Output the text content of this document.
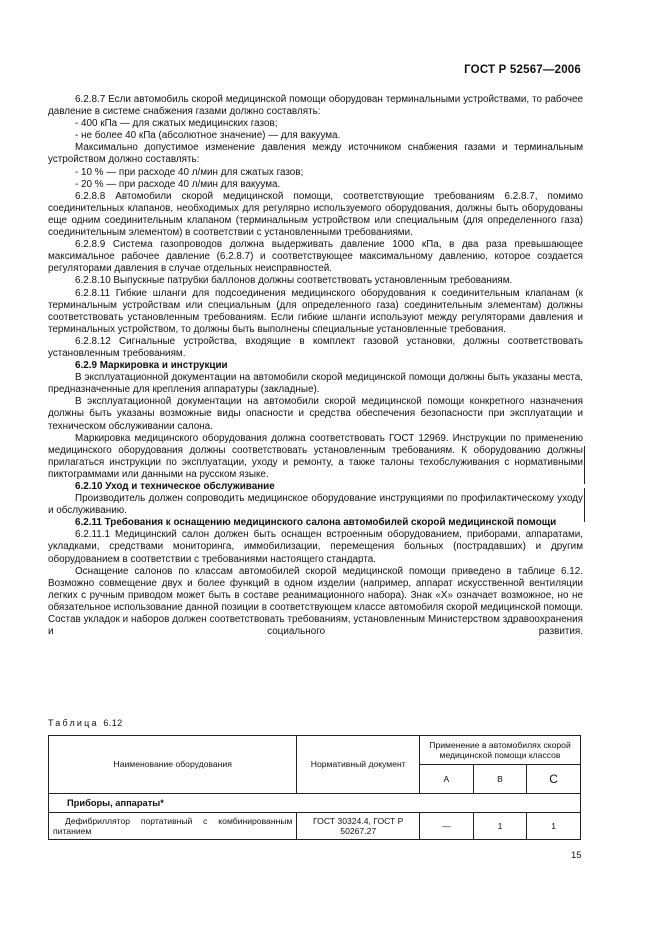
ГОСТ Р 52567—2006

6.2.8.7 Если автомобиль скорой медицинской помощи оборудован терминальными устройствами, то рабочее давление в системе снабжения газами должно составлять:

- 400 кПа — для сжатых медицинских газов;

- не более 40 кПа (абсолютное значение) — для вакуума.

Максимально допустимое изменение давления между источником снабжения газами и терминальным устройством должно составлять:

- 10 % — при расходе 40 л/мин для сжатых газов;

- 20 % — при расходе 40 л/мин для вакуума.

6.2.8.8 Автомобили скорой медицинской помощи, соответствующие требованиям 6.2.8.7, помимо соединительных клапанов, необходимых для регулярно используемого оборудования, должны быть оборудованы еще одним соединительным клапаном (терминальным устройством или специальным (для определенного газа) соединительным элементом) в соответствии с установленными требованиями.

6.2.8.9 Система газопроводов должна выдерживать давление 1000 кПа, в два раза превышающее максимальное рабочее давление (6.2.8.7) и соответствующее максимальному давлению, которое создается регуляторами давления в случае отдельных неисправностей.

6.2.8.10 Выпускные патрубки баллонов должны соответствовать установленным требованиям.

6.2.8.11 Гибкие шланги для подсоединения медицинского оборудования к соединительным клапанам (к терминальным устройствам или специальным (для определенного газа) соединительным элементам) должны соответствовать установленным требованиям. Если гибкие шланги используют между регуляторами давления и терминальных устройством, то должны быть выполнены специальные установленные требования.

6.2.8.12 Сигнальные устройства, входящие в комплект газовой установки, должны соответствовать установленным требованиям.

6.2.9 Маркировка и инструкции

В эксплуатационной документации на автомобили скорой медицинской помощи должны быть указаны места, предназначенные для крепления аппаратуры (закладные).

В эксплуатационной документации на автомобили скорой медицинской помощи конкретного назначения должны быть указаны возможные виды опасности и средства обеспечения безопасности при эксплуатации и техническом обслуживании салона.

Маркировка медицинского оборудования должна соответствовать ГОСТ 12969. Инструкции по применению медицинского оборудования должны соответствовать установленным требованиям. К оборудованию должны прилагаться инструкции по эксплуатации, уходу и ремонту, а также талоны техобслуживания с нормативными пиктограммами или данными на русском языке.

6.2.10 Уход и техническое обслуживание

Производитель должен сопроводить медицинское оборудование инструкциями по профилактическому уходу и обслуживанию.

6.2.11 Требования к оснащению медицинского салона автомобилей скорой медицинской помощи

6.2.11.1 Медицинский салон должен быть оснащен встроенным оборудованием, приборами, аппаратами, укладками, средствами мониторинга, иммобилизации, перемещения больных (пострадавших) и другим оборудованием в соответствии с требованиями настоящего стандарта.

Оснащение салонов по классам автомобилей скорой медицинской помощи приведено в таблице 6.12. Возможно совмещение двух и более функций в одном изделии (например, аппарат искусственной вентиляции легких с ручным приводом может быть в составе реанимационного набора). Знак «Х» означает возможное, но не обязательное использование данной позиции в соответствующем классе автомобиля скорой медицинской помощи. Состав укладок и наборов должен соответствовать требованиям, установленным Министерством здравоохранения и социального развития.

Таблица 6.12
Наименование оборудования	Нормативный документ	Применение в автомобилях скорой медицинской помощи классов		
		А	В	С
Приборы, аппараты*				
Дефибриллятор портативный с комбинированным питанием	ГОСТ 30324.4, ГОСТ Р 50267.27	—	1	1
15
